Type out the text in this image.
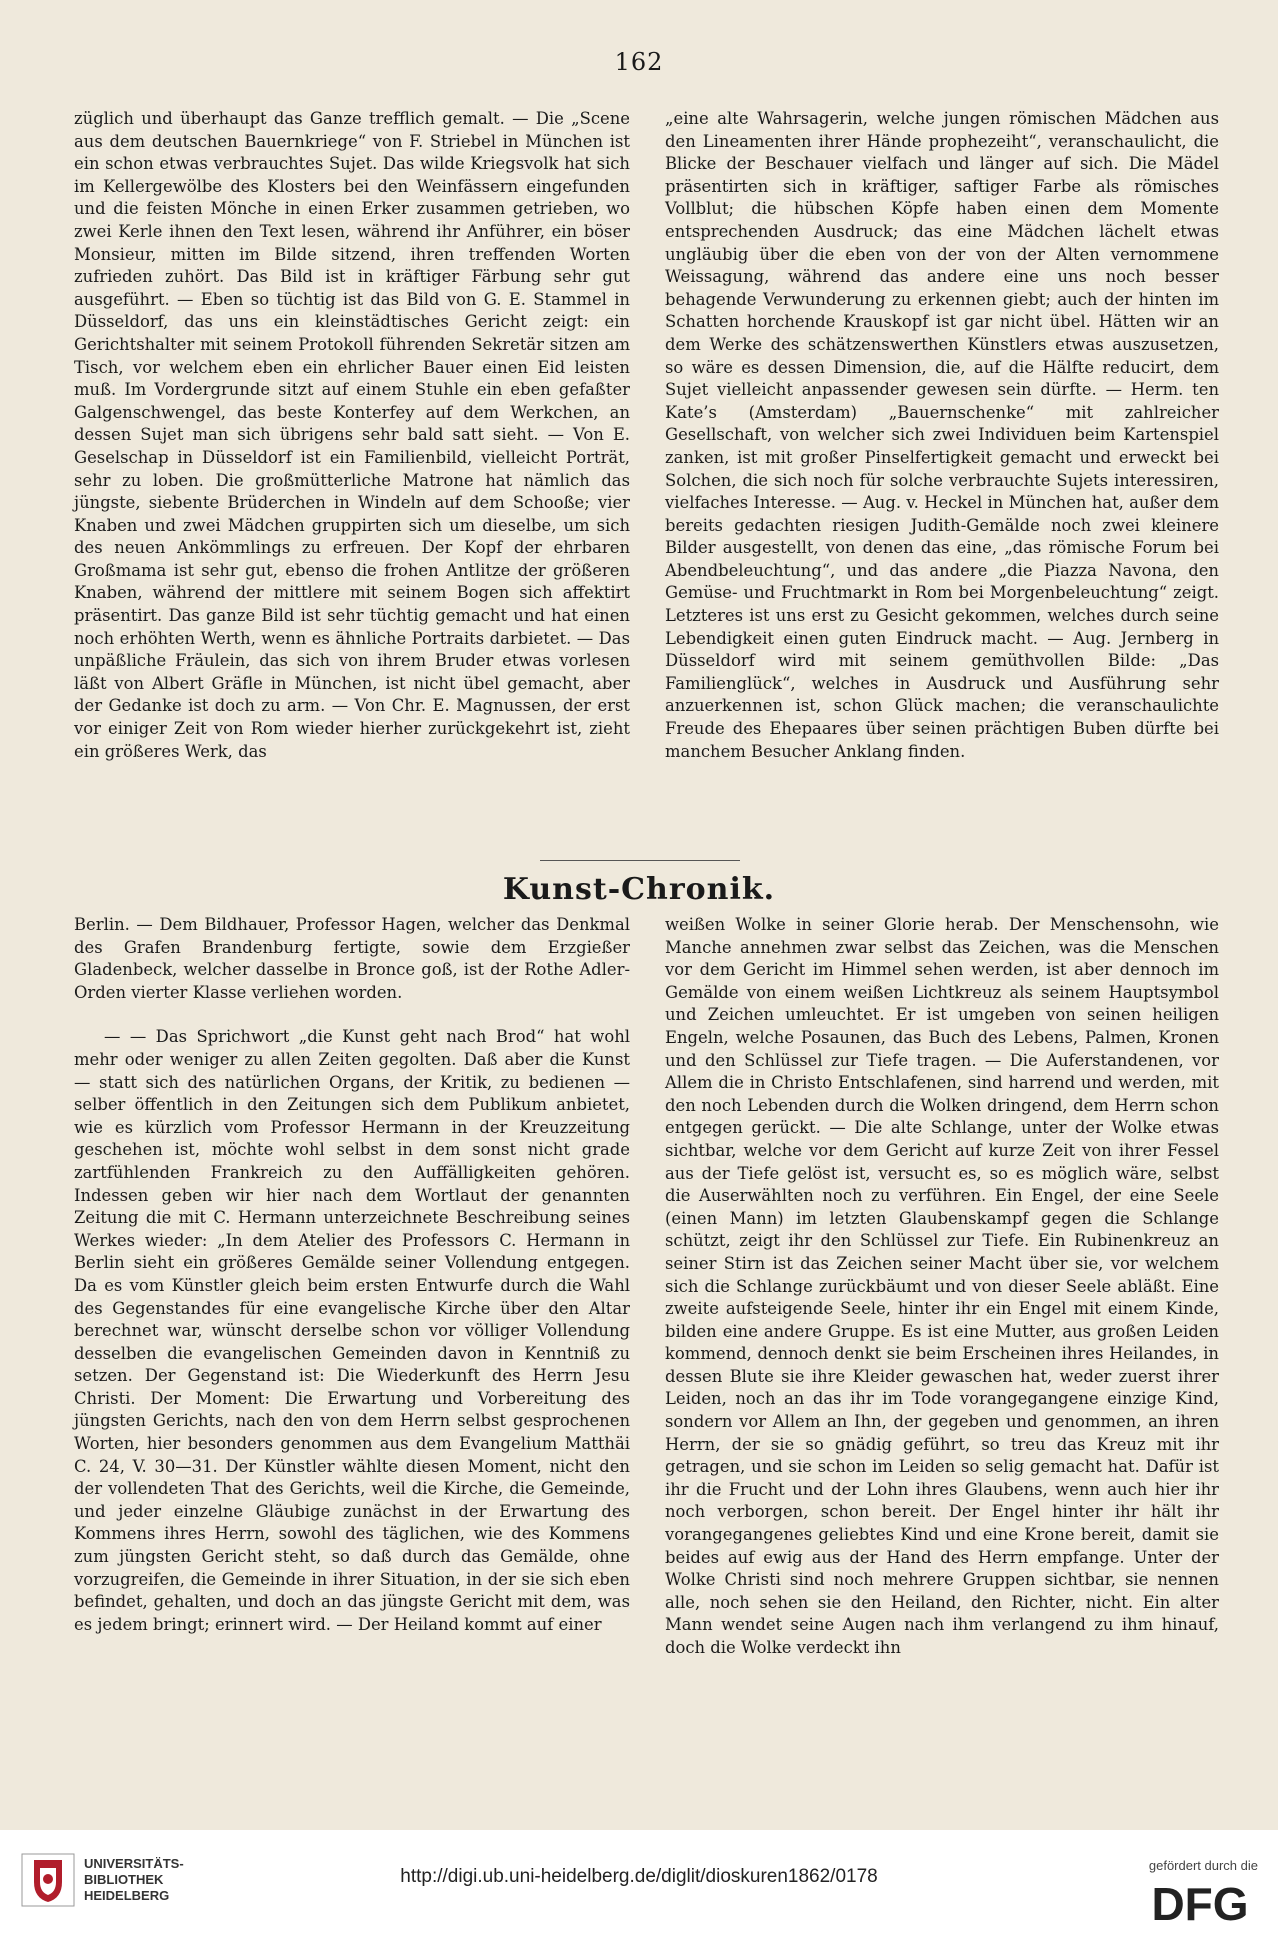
162

züglich und überhaupt das Ganze trefflich gemalt. — Die „Scene aus dem deutschen Bauernkriege“ von F. Striebel in München ist ein schon etwas verbrauchtes Sujet. Das wilde Kriegsvolk hat sich im Kellergewölbe des Klosters bei den Weinfässern eingefunden und die feisten Mönche in einen Erker zusammen getrieben, wo zwei Kerle ihnen den Text lesen, während ihr Anführer, ein böser Monsieur, mitten im Bilde sitzend, ihren treffenden Worten zufrieden zuhört. Das Bild ist in kräftiger Färbung sehr gut ausgeführt. — Eben so tüchtig ist das Bild von G. E. Stammel in Düsseldorf, das uns ein kleinstädtisches Gericht zeigt: ein Gerichtshalter mit seinem Protokoll führenden Sekretär sitzen am Tisch, vor welchem eben ein ehrlicher Bauer einen Eid leisten muß. Im Vordergrunde sitzt auf einem Stuhle ein eben gefaßter Galgenschwengel, das beste Konterfey auf dem Werkchen, an dessen Sujet man sich übrigens sehr bald satt sieht. — Von E. Geselschap in Düsseldorf ist ein Familienbild, vielleicht Porträt, sehr zu loben. Die großmütterliche Matrone hat nämlich das jüngste, siebente Brüderchen in Windeln auf dem Schooße; vier Knaben und zwei Mädchen gruppirten sich um dieselbe, um sich des neuen Ankömmlings zu erfreuen. Der Kopf der ehrbaren Großmama ist sehr gut, ebenso die frohen Antlitze der größeren Knaben, während der mittlere mit seinem Bogen sich affektirt präsentirt. Das ganze Bild ist sehr tüchtig gemacht und hat einen noch erhöhten Werth, wenn es ähnliche Portraits darbietet. — Das unpäßliche Fräulein, das sich von ihrem Bruder etwas vorlesen läßt von Albert Gräfle in München, ist nicht übel gemacht, aber der Gedanke ist doch zu arm. — Von Chr. E. Magnussen, der erst vor einiger Zeit von Rom wieder hierher zurückgekehrt ist, zieht ein größeres Werk, das

„eine alte Wahrsagerin, welche jungen römischen Mädchen aus den Lineamenten ihrer Hände prophezeiht“, veranschaulicht, die Blicke der Beschauer vielfach und länger auf sich. Die Mädel präsentirten sich in kräftiger, saftiger Farbe als römisches Vollblut; die hübschen Köpfe haben einen dem Momente entsprechenden Ausdruck; das eine Mädchen lächelt etwas ungläubig über die eben von der von der Alten vernommene Weissagung, während das andere eine uns noch besser behagende Verwunderung zu erkennen giebt; auch der hinten im Schatten horchende Krauskopf ist gar nicht übel. Hätten wir an dem Werke des schätzenswerthen Künstlers etwas auszusetzen, so wäre es dessen Dimension, die, auf die Hälfte reducirt, dem Sujet vielleicht anpassender gewesen sein dürfte. — Herm. ten Kate’s (Amsterdam) „Bauernschenke“ mit zahlreicher Gesellschaft, von welcher sich zwei Individuen beim Kartenspiel zanken, ist mit großer Pinselfertigkeit gemacht und erweckt bei Solchen, die sich noch für solche verbrauchte Sujets interessiren, vielfaches Interesse. — Aug. v. Heckel in München hat, außer dem bereits gedachten riesigen Judith-Gemälde noch zwei kleinere Bilder ausgestellt, von denen das eine, „das römische Forum bei Abendbeleuchtung“, und das andere „die Piazza Navona, den Gemüse- und Fruchtmarkt in Rom bei Morgenbeleuchtung“ zeigt. Letzteres ist uns erst zu Gesicht gekommen, welches durch seine Lebendigkeit einen guten Eindruck macht. — Aug. Jernberg in Düsseldorf wird mit seinem gemüthvollen Bilde: „Das Familienglück“, welches in Ausdruck und Ausführung sehr anzuerkennen ist, schon Glück machen; die veranschaulichte Freude des Ehepaares über seinen prächtigen Buben dürfte bei manchem Besucher Anklang finden.

Kunst-Chronik.

Berlin. — Dem Bildhauer, Professor Hagen, welcher das Denkmal des Grafen Brandenburg fertigte, sowie dem Erzgießer Gladenbeck, welcher dasselbe in Bronce goß, ist der Rothe Adler-Orden vierter Klasse verliehen worden.

— — Das Sprichwort „die Kunst geht nach Brod“ hat wohl mehr oder weniger zu allen Zeiten gegolten. Daß aber die Kunst — statt sich des natürlichen Organs, der Kritik, zu bedienen — selber öffentlich in den Zeitungen sich dem Publikum anbietet, wie es kürzlich vom Professor Hermann in der Kreuzzeitung geschehen ist, möchte wohl selbst in dem sonst nicht grade zartfühlenden Frankreich zu den Auffälligkeiten gehören. Indessen geben wir hier nach dem Wortlaut der genannten Zeitung die mit C. Hermann unterzeichnete Beschreibung seines Werkes wieder: „In dem Atelier des Professors C. Hermann in Berlin sieht ein größeres Gemälde seiner Vollendung entgegen. Da es vom Künstler gleich beim ersten Entwurfe durch die Wahl des Gegenstandes für eine evangelische Kirche über den Altar berechnet war, wünscht derselbe schon vor völliger Vollendung desselben die evangelischen Gemeinden davon in Kenntniß zu setzen. Der Gegenstand ist: Die Wiederkunft des Herrn Jesu Christi. Der Moment: Die Erwartung und Vorbereitung des jüngsten Gerichts, nach den von dem Herrn selbst gesprochenen Worten, hier besonders genommen aus dem Evangelium Matthäi C. 24, V. 30—31. Der Künstler wählte diesen Moment, nicht den der vollendeten That des Gerichts, weil die Kirche, die Gemeinde, und jeder einzelne Gläubige zunächst in der Erwartung des Kommens ihres Herrn, sowohl des täglichen, wie des Kommens zum jüngsten Gericht steht, so daß durch das Gemälde, ohne vorzugreifen, die Gemeinde in ihrer Situation, in der sie sich eben befindet, gehalten, und doch an das jüngste Gericht mit dem, was es jedem bringt; erinnert wird. — Der Heiland kommt auf einer

weißen Wolke in seiner Glorie herab. Der Menschensohn, wie Manche annehmen zwar selbst das Zeichen, was die Menschen vor dem Gericht im Himmel sehen werden, ist aber dennoch im Gemälde von einem weißen Lichtkreuz als seinem Hauptsymbol und Zeichen umleuchtet. Er ist umgeben von seinen heiligen Engeln, welche Posaunen, das Buch des Lebens, Palmen, Kronen und den Schlüssel zur Tiefe tragen. — Die Auferstandenen, vor Allem die in Christo Entschlafenen, sind harrend und werden, mit den noch Lebenden durch die Wolken dringend, dem Herrn schon entgegen gerückt. — Die alte Schlange, unter der Wolke etwas sichtbar, welche vor dem Gericht auf kurze Zeit von ihrer Fessel aus der Tiefe gelöst ist, versucht es, so es möglich wäre, selbst die Auserwählten noch zu verführen. Ein Engel, der eine Seele (einen Mann) im letzten Glaubenskampf gegen die Schlange schützt, zeigt ihr den Schlüssel zur Tiefe. Ein Rubinenkreuz an seiner Stirn ist das Zeichen seiner Macht über sie, vor welchem sich die Schlange zurückbäumt und von dieser Seele abläßt. Eine zweite aufsteigende Seele, hinter ihr ein Engel mit einem Kinde, bilden eine andere Gruppe. Es ist eine Mutter, aus großen Leiden kommend, dennoch denkt sie beim Erscheinen ihres Heilandes, in dessen Blute sie ihre Kleider gewaschen hat, weder zuerst ihrer Leiden, noch an das ihr im Tode vorangegangene einzige Kind, sondern vor Allem an Ihn, der gegeben und genommen, an ihren Herrn, der sie so gnädig geführt, so treu das Kreuz mit ihr getragen, und sie schon im Leiden so selig gemacht hat. Dafür ist ihr die Frucht und der Lohn ihres Glaubens, wenn auch hier ihr noch verborgen, schon bereit. Der Engel hinter ihr hält ihr vorangegangenes geliebtes Kind und eine Krone bereit, damit sie beides auf ewig aus der Hand des Herrn empfange. Unter der Wolke Christi sind noch mehrere Gruppen sichtbar, sie nennen alle, noch sehen sie den Heiland, den Richter, nicht. Ein alter Mann wendet seine Augen nach ihm verlangend zu ihm hinauf, doch die Wolke verdeckt ihn

UNIVERSITÄTS-
BIBLIOTHEK
HEIDELBERG
http://digi.ub.uni-heidelberg.de/diglit/dioskuren1862/0178
gefördert durch die
DFG
